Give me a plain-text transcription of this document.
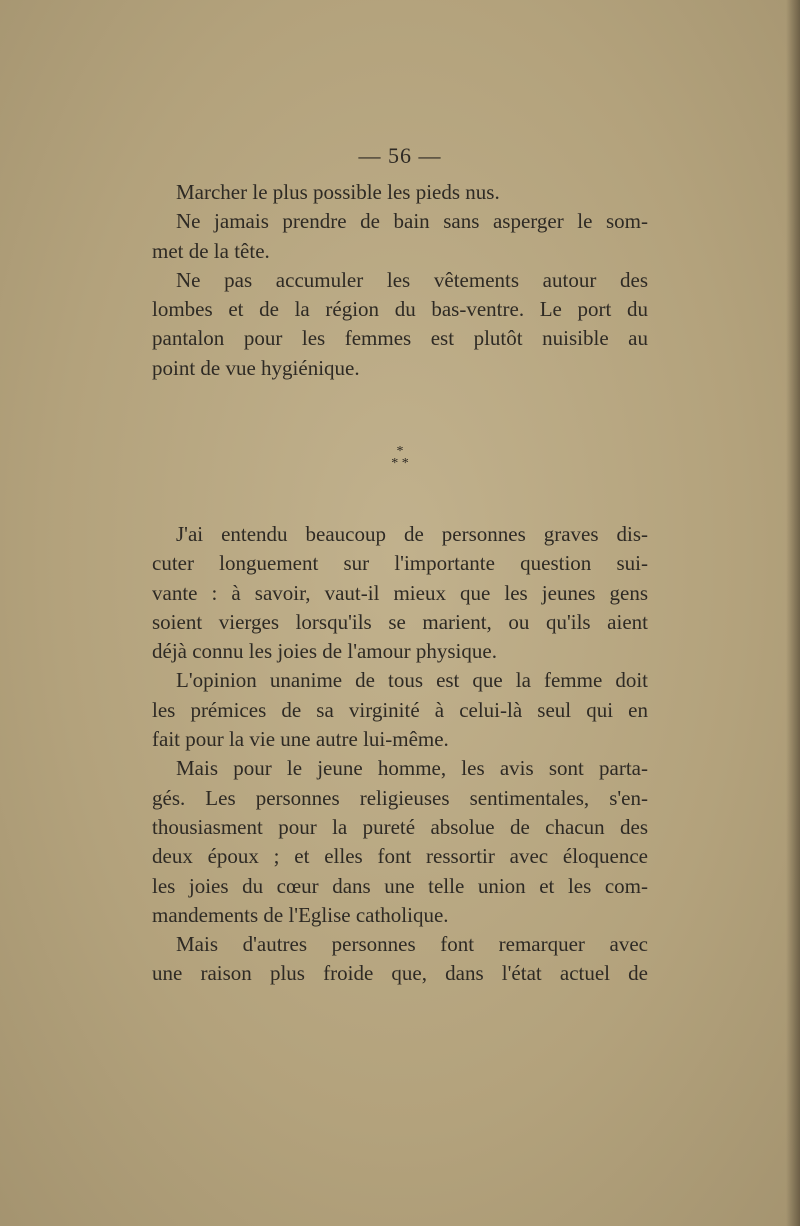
— 56 —
Marcher le plus possible les pieds nus.
Ne jamais prendre de bain sans asperger le som-
met de la tête.
Ne pas accumuler les vêtements autour des
lombes et de la région du bas-ventre. Le port du
pantalon pour les femmes est plutôt nuisible au
point de vue hygiénique.
*
* *
J'ai entendu beaucoup de personnes graves dis-
cuter longuement sur l'importante question sui-
vante : à savoir, vaut-il mieux que les jeunes gens
soient vierges lorsqu'ils se marient, ou qu'ils aient
déjà connu les joies de l'amour physique.
L'opinion unanime de tous est que la femme doit
les prémices de sa virginité à celui-là seul qui en
fait pour la vie une autre lui-même.
Mais pour le jeune homme, les avis sont parta-
gés. Les personnes religieuses sentimentales, s'en-
thousiasment pour la pureté absolue de chacun des
deux époux ; et elles font ressortir avec éloquence
les joies du cœur dans une telle union et les com-
mandements de l'Eglise catholique.
Mais d'autres personnes font remarquer avec
une raison plus froide que, dans l'état actuel de
